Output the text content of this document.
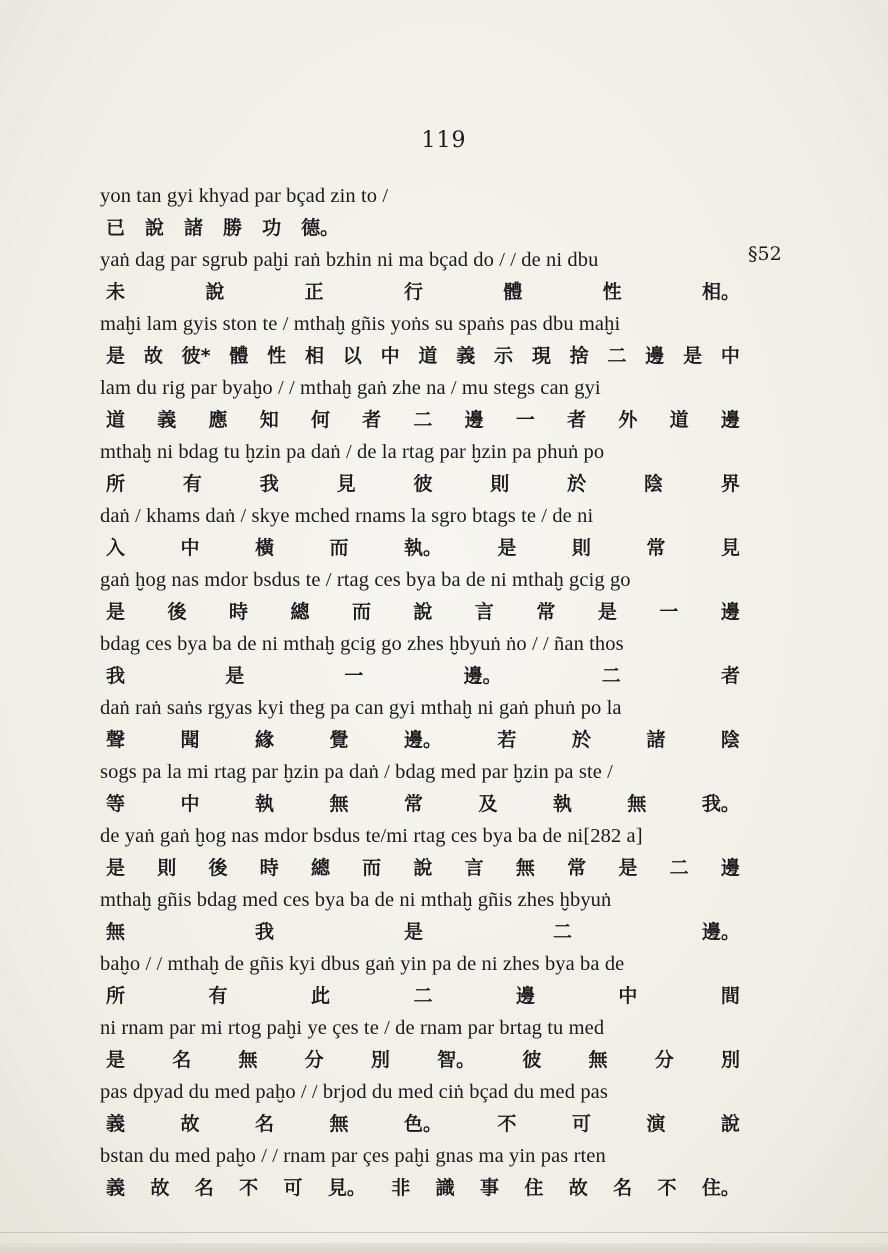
119
§52
yon tan gyi khyad par bçad zin to /
已 說 諸 勝 功 德。
yaṅ dag par sgrub paḫi raṅ bzhin ni ma bçad do / / de ni dbu
未	說	正	行	體	性	相。
maḫi lam gyis ston te / mthaḫ gñis yoṅs su spaṅs pas dbu maḫi
是 故 彼* 體 性 相 以 中 道 義 示 現 捨 二 邊 是 中
lam du rig par byaḫo / / mthaḫ gaṅ zhe na / mu stegs can gyi
道 義 應 知 何 者 二 邊 一 者 外 道 邊
mthaḫ ni bdag tu ḫzin pa daṅ / de la rtag par ḫzin pa phuṅ po
所	有	我	見	彼	則	於	陰	界
daṅ / khams daṅ / skye mched rnams la sgro btags te / de ni
入	中	橫	而	執。	是	則	常	見
gaṅ ḫog nas mdor bsdus te / rtag ces bya ba de ni mthaḫ gcig go
是 後 時 總 而 說 言 常 是 一 邊
bdag ces bya ba de ni mthaḫ gcig go zhes ḫbyuṅ ṅo / / ñan thos
我	是	一	邊。	二	者
daṅ raṅ saṅs rgyas kyi theg pa can gyi mthaḫ ni gaṅ phuṅ po la
聲	聞	緣	覺	邊。	若	於	諸	陰
sogs pa la mi rtag par ḫzin pa daṅ / bdag med par ḫzin pa ste /
等	中	執	無	常	及	執	無	我。
de yaṅ gaṅ ḫog nas mdor bsdus te/mi rtag ces bya ba de ni[282 a]
是 則 後 時 總 而 說 言 無 常 是 二 邊
mthaḫ gñis bdag med ces bya ba de ni mthaḫ gñis zhes ḫbyuṅ
無	我	是	二	邊。
baḫo / / mthaḫ de gñis kyi dbus gaṅ yin pa de ni zhes bya ba de
所	有	此	二	邊	中	間
ni rnam par mi rtog paḫi ye çes te / de rnam par brtag tu med
是 名 無 分 別 智。 彼 無 分 別
pas dpyad du med paḫo / / brjod du med ciṅ bçad du med pas
義	故	名	無	色。	不	可	演	說
bstan du med paḫo / / rnam par çes paḫi gnas ma yin pas rten
義 故 名 不 可 見。 非 識 事 住 故 名 不 住。
